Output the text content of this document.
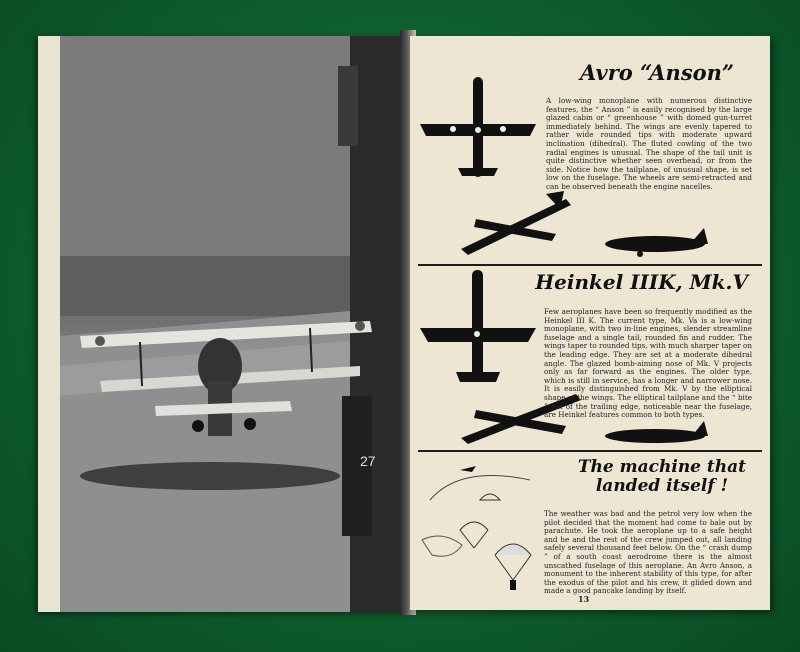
27
Avro “Anson”
A low-wing monoplane with numerous distinctive features, the “ Anson ” is easily recognised by the large glazed cabin or “ greenhouse ” with domed gun-turret immediately behind. The wings are evenly tapered to rather wide rounded tips with moderate upward inclination (dihedral). The fluted cowling of the two radial engines is unusual. The shape of the tail unit is quite distinctive whether seen overhead, or from the side. Notice how the tailplane, of unusual shape, is set low on the fuselage. The wheels are semi-retracted and can be observed beneath the engine nacelles.
Heinkel IIIK, Mk.V
Few aeroplanes have been so frequently modified as the Heinkel III K. The current type, Mk. Va is a low-wing monoplane, with two in-line engines, slender streamline fuselage and a single tail, rounded fin and rudder. The wings taper to rounded tips, with much sharper taper on the leading edge. They are set at a moderate dihedral angle. The glazed bomb-aiming nose of Mk. V projects only as far forward as the engines. The older type, which is still in service, has a longer and narrower nose. It is easily distinguished from Mk. V by the elliptical shape of the wings. The elliptical tailplane and the “ bite ” out of the trailing edge, noticeable near the fuselage, are Heinkel features common to both types.
The machine that
landed itself !
The weather was bad and the petrol very low when the pilot decided that the moment had come to bale out by parachute. He took the aeroplane up to a safe height and he and the rest of the crew jumped out, all landing safely several thousand feet below. On the “ crash dump ” of a south coast aerodrome there is the almost unscathed fuselage of this aeroplane. An Avro Anson, a monument to the inherent stability of this type, for after the exodus of the pilot and his crew, it glided down and made a good pancake landing by itself.
13
